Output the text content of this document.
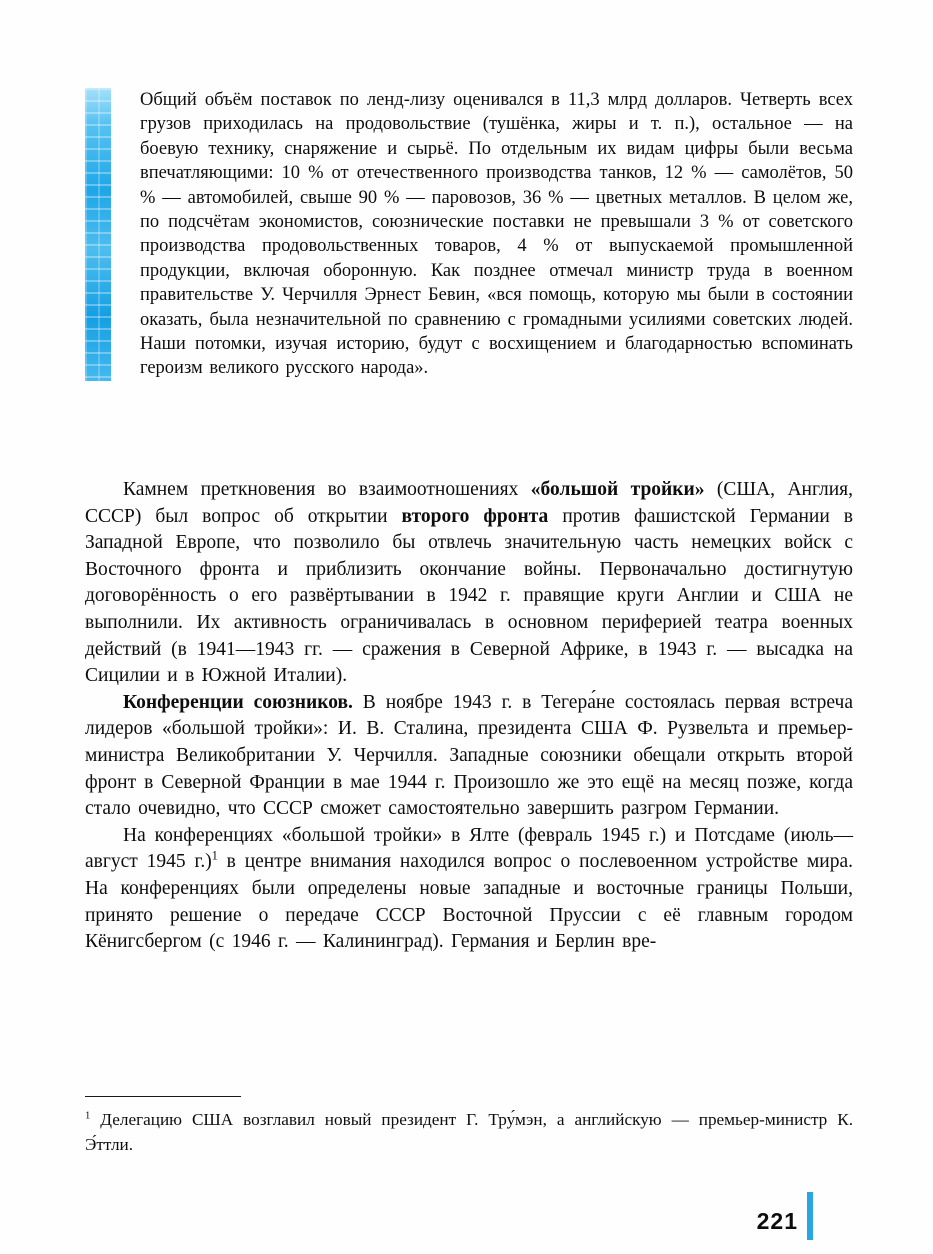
Общий объём поставок по ленд-лизу оценивался в 11,3 млрд долларов. Четверть всех грузов приходилась на продовольствие (тушёнка, жиры и т. п.), остальное — на боевую технику, снаряжение и сырьё. По отдельным их видам цифры были весьма впечатляющими: 10 % от отечественного производства танков, 12 % — самолётов, 50 % — автомобилей, свыше 90 % — паровозов, 36 % — цветных металлов. В целом же, по подсчётам экономистов, союзнические поставки не превышали 3 % от советского производства продовольственных товаров, 4 % от выпускаемой промышленной продукции, включая оборонную. Как позднее отмечал министр труда в военном правительстве У. Черчилля Эрнест Бевин, «вся помощь, которую мы были в состоянии оказать, была незначительной по сравнению с громадными усилиями советских людей. Наши потомки, изучая историю, будут с восхищением и благодарностью вспоминать героизм великого русского народа».

Камнем преткновения во взаимоотношениях «большой тройки» (США, Англия, СССР) был вопрос об открытии второго фронта против фашистской Германии в Западной Европе, что позволило бы отвлечь значительную часть немецких войск с Восточного фронта и приблизить окончание войны. Первоначально достигнутую договорённость о его развёртывании в 1942 г. правящие круги Англии и США не выполнили. Их активность ограничивалась в основном периферией театра военных действий (в 1941—1943 гг. — сражения в Северной Африке, в 1943 г. — высадка на Сицилии и в Южной Италии).

Конференции союзников. В ноябре 1943 г. в Тегера́не состоялась первая встреча лидеров «большой тройки»: И. В. Сталина, президента США Ф. Рузвельта и премьер-министра Великобритании У. Черчилля. Западные союзники обещали открыть второй фронт в Северной Франции в мае 1944 г. Произошло же это ещё на месяц позже, когда стало очевидно, что СССР сможет самостоятельно завершить разгром Германии.

На конференциях «большой тройки» в Ялте (февраль 1945 г.) и Потсдаме (июль—август 1945 г.)$^1$ в центре внимания находился вопрос о послевоенном устройстве мира. На конференциях были определены новые западные и восточные границы Польши, принято решение о передаче СССР Восточной Пруссии с её главным городом Кёнигсбергом (с 1946 г. — Калининград). Германия и Берлин вре-

$^1$ Делегацию США возглавил новый президент Г. Тру́мэн, а английскую — премьер-министр К. Э́ттли.

221
